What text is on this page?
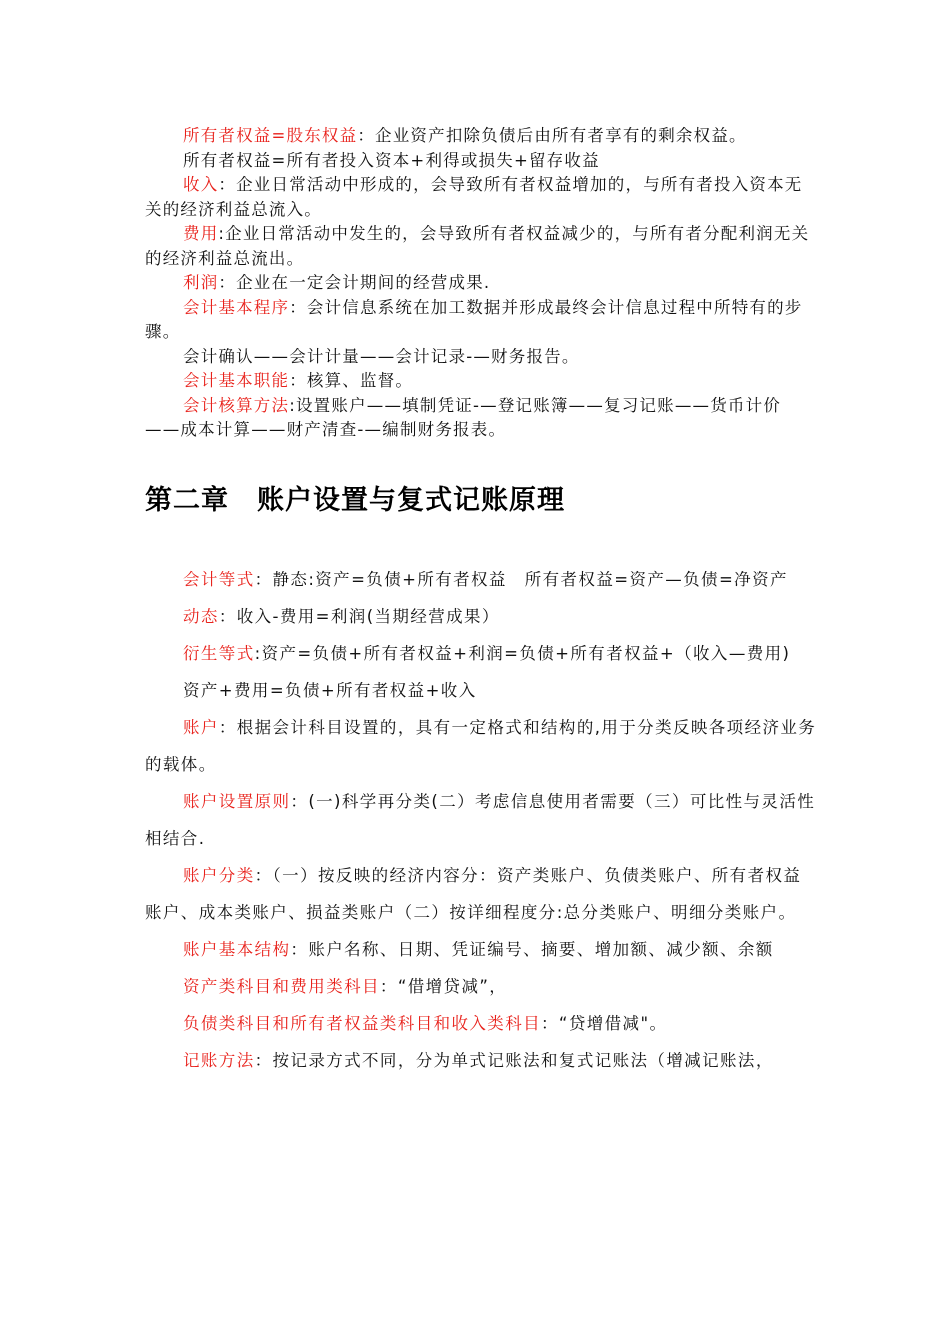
所有者权益=股东权益：企业资产扣除负债后由所有者享有的剩余权益。

所有者权益=所有者投入资本+利得或损失+留存收益

收入：企业日常活动中形成的，会导致所有者权益增加的，与所有者投入资本无关的经济利益总流入。

费用:企业日常活动中发生的，会导致所有者权益减少的，与所有者分配利润无关的经济利益总流出。

利润：企业在一定会计期间的经营成果.

会计基本程序：会计信息系统在加工数据并形成最终会计信息过程中所特有的步骤。

会计确认——会计计量——会计记录-—财务报告。

会计基本职能：核算、监督。

会计核算方法:设置账户——填制凭证-—登记账簿——复习记账——货币计价——成本计算——财产清查-—编制财务报表。

第二章　账户设置与复式记账原理

会计等式：静态:资产=负债+所有者权益　所有者权益=资产—负债=净资产

动态：收入-费用=利润(当期经营成果）

衍生等式:资产=负债+所有者权益+利润=负债+所有者权益+（收入—费用)

资产+费用=负债+所有者权益+收入

账户：根据会计科目设置的，具有一定格式和结构的,用于分类反映各项经济业务的载体。

账户设置原则：(一)科学再分类(二）考虑信息使用者需要（三）可比性与灵活性相结合.

账户分类：（一）按反映的经济内容分：资产类账户、负债类账户、所有者权益账户、成本类账户、损益类账户（二）按详细程度分:总分类账户、明细分类账户。

账户基本结构：账户名称、日期、凭证编号、摘要、增加额、减少额、余额

资产类科目和费用类科目：“借增贷减”，

负债类科目和所有者权益类科目和收入类科目：“贷增借减"。

记账方法：按记录方式不同，分为单式记账法和复式记账法（增减记账法，
